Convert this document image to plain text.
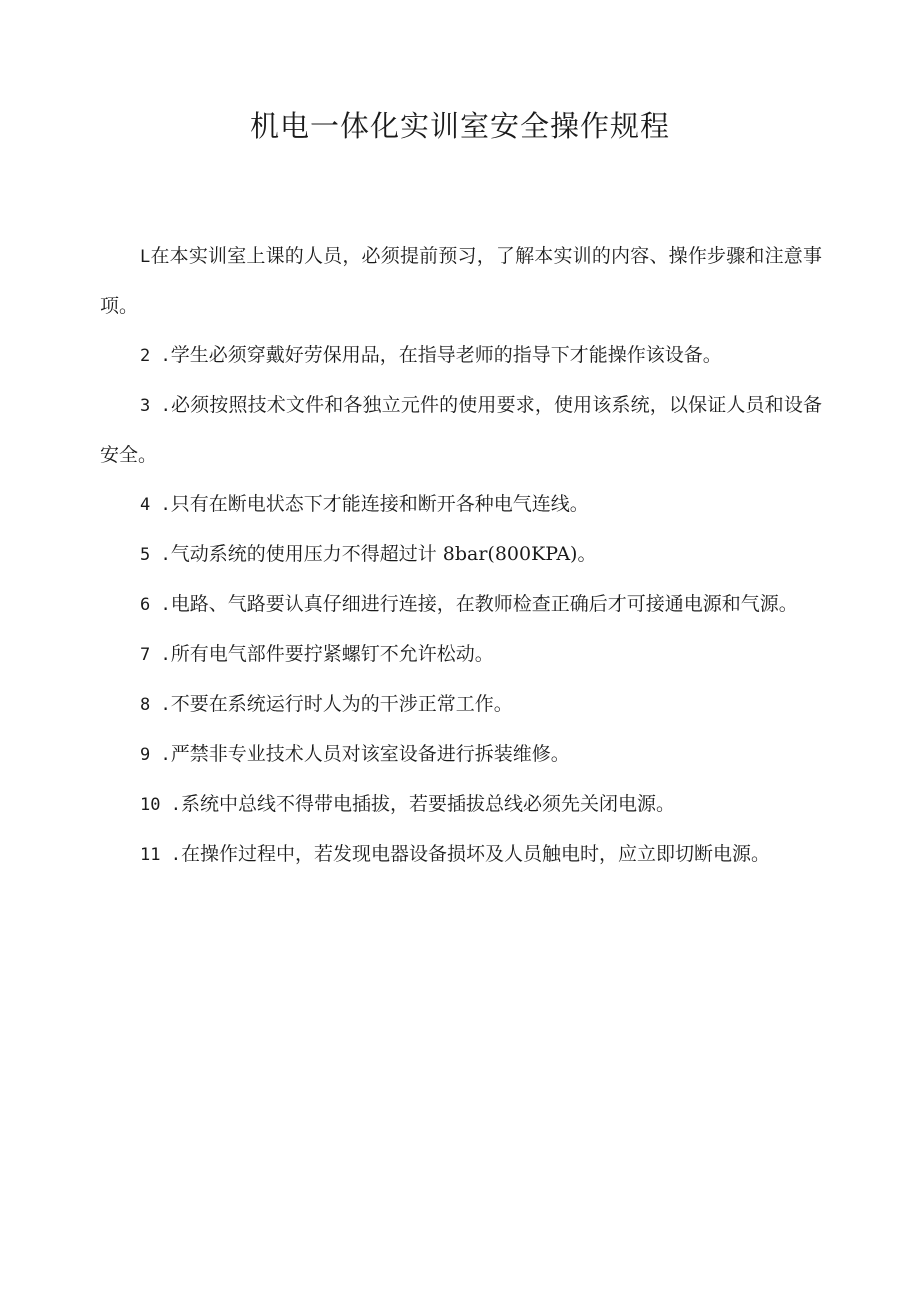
机电一体化实训室安全操作规程

L在本实训室上课的人员，必须提前预习，了解本实训的内容、操作步骤和注意事项。

2 .学生必须穿戴好劳保用品，在指导老师的指导下才能操作该设备。

3 .必须按照技术文件和各独立元件的使用要求，使用该系统，以保证人员和设备安全。

4 .只有在断电状态下才能连接和断开各种电气连线。

5 .气动系统的使用压力不得超过计 8bar(800KPA)。

6 .电路、气路要认真仔细进行连接，在教师检查正确后才可接通电源和气源。

7 .所有电气部件要拧紧螺钉不允许松动。

8 .不要在系统运行时人为的干涉正常工作。

9 .严禁非专业技术人员对该室设备进行拆装维修。

10 .系统中总线不得带电插拔，若要插拔总线必须先关闭电源。

11 .在操作过程中，若发现电器设备损坏及人员触电时，应立即切断电源。
